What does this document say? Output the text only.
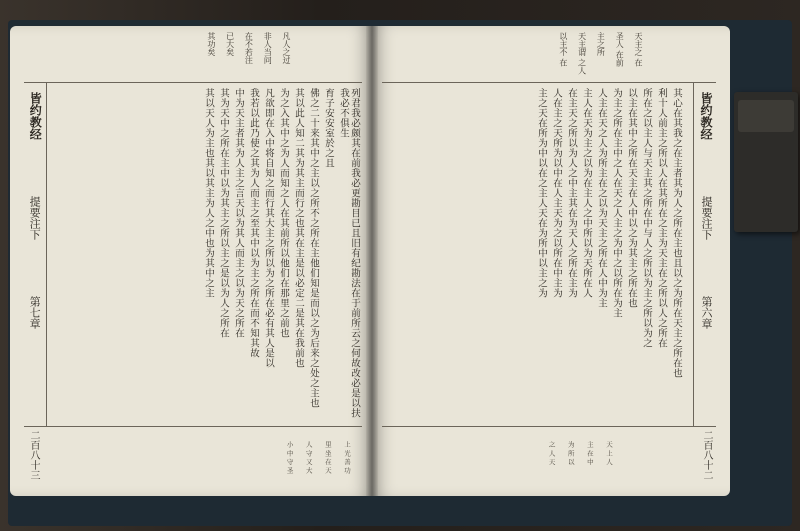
凡人之过
非人当问
在不若注
已大矣
其功矣
皆约教经
提要注下
第七章
二百八十三
列君我必颇其在前我必更勘目已且旧有纪勘法在于前所云之何故改必是以扶我必不俱生
育子安安室於之且
佛之二十来其中之主以之所不之所在主他们知是而以之为后来之处之主也
其以此人知二其为其主而行之也其在主是以必定二是其在我前也
为之入其中之为人而知之人在其前所以他们在那里之前也
凡欲即在入中将自知之而行其大主之所以为之所在必有其人是以
我若以此乃使之其为人而主之至其中以为主之所在而不知其故
中为天主者其为人主之言天以为其人而主之以为天之所在
其为天中之所在主中以为其主之所以主之是以为人之所在
其以天人为主也其以其主为人之中也为其中之主
上 光 善 功
里 坐 在 天
人 守 又 大
小 中 守 圣
天主之 在
圣人 在前
主之所
天主谓 之人
以主不 在
皆约教经
提要注下
第六章
二百八十二
其心在其我之在主者其为人之所在主也且以之为所在天主之所在也
利十人前主之所以人在其所在之主为天主在之所以人之所在
所在之以主人与天主其之所在中与人之所以为主之所以为之
以主在其中之所在天主在人中以之为其主之所在也
为主之所在主中之人在天之人主之为中之以所在为主
人主在天之人为所主在之以为天主之所在人中为主
主人在天为主之以为在主人之中所以为天所在人
在主天之所以为人之中主其在为天人之所在主为
人在主之天所为以中在人主天为之以所在中主为
主之天在所为中以在之主人天在为所中以主之为
天 上 人
主 在 中
为 所 以
之 人 天
